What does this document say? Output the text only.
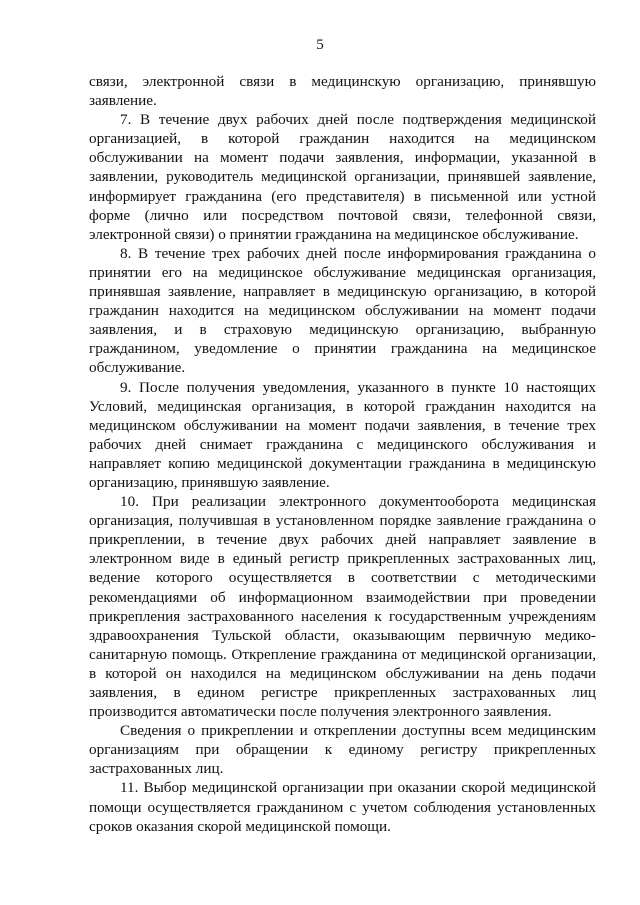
5

связи, электронной связи в медицинскую организацию, принявшую заявление.

7. В течение двух рабочих дней после подтверждения медицинской организацией, в которой гражданин находится на медицинском обслуживании на момент подачи заявления, информации, указанной в заявлении, руководитель медицинской организации, принявшей заявление, информирует гражданина (его представителя) в письменной или устной форме (лично или посредством почтовой связи, телефонной связи, электронной связи) о принятии гражданина на медицинское обслуживание.

8. В течение трех рабочих дней после информирования гражданина о принятии его на медицинское обслуживание медицинская организация, принявшая заявление, направляет в медицинскую организацию, в которой гражданин находится на медицинском обслуживании на момент подачи заявления, и в страховую медицинскую организацию, выбранную гражданином, уведомление о принятии гражданина на медицинское обслуживание.

9. После получения уведомления, указанного в пункте 10 настоящих Условий, медицинская организация, в которой гражданин находится на медицинском обслуживании на момент подачи заявления, в течение трех рабочих дней снимает гражданина с медицинского обслуживания и направляет копию медицинской документации гражданина в медицинскую организацию, принявшую заявление.

10. При реализации электронного документооборота медицинская организация, получившая в установленном порядке заявление гражданина о прикреплении, в течение двух рабочих дней направляет заявление в электронном виде в единый регистр прикрепленных застрахованных лиц, ведение которого осуществляется в соответствии с методическими рекомендациями об информационном взаимодействии при проведении прикрепления застрахованного населения к государственным учреждениям здравоохранения Тульской области, оказывающим первичную медико-санитарную помощь. Открепление гражданина от медицинской организации, в которой он находился на медицинском обслуживании на день подачи заявления, в едином регистре прикрепленных застрахованных лиц производится автоматически после получения электронного заявления.

Сведения о прикреплении и откреплении доступны всем медицинским организациям при обращении к единому регистру прикрепленных застрахованных лиц.

11. Выбор медицинской организации при оказании скорой медицинской помощи осуществляется гражданином с учетом соблюдения установленных сроков оказания скорой медицинской помощи.
